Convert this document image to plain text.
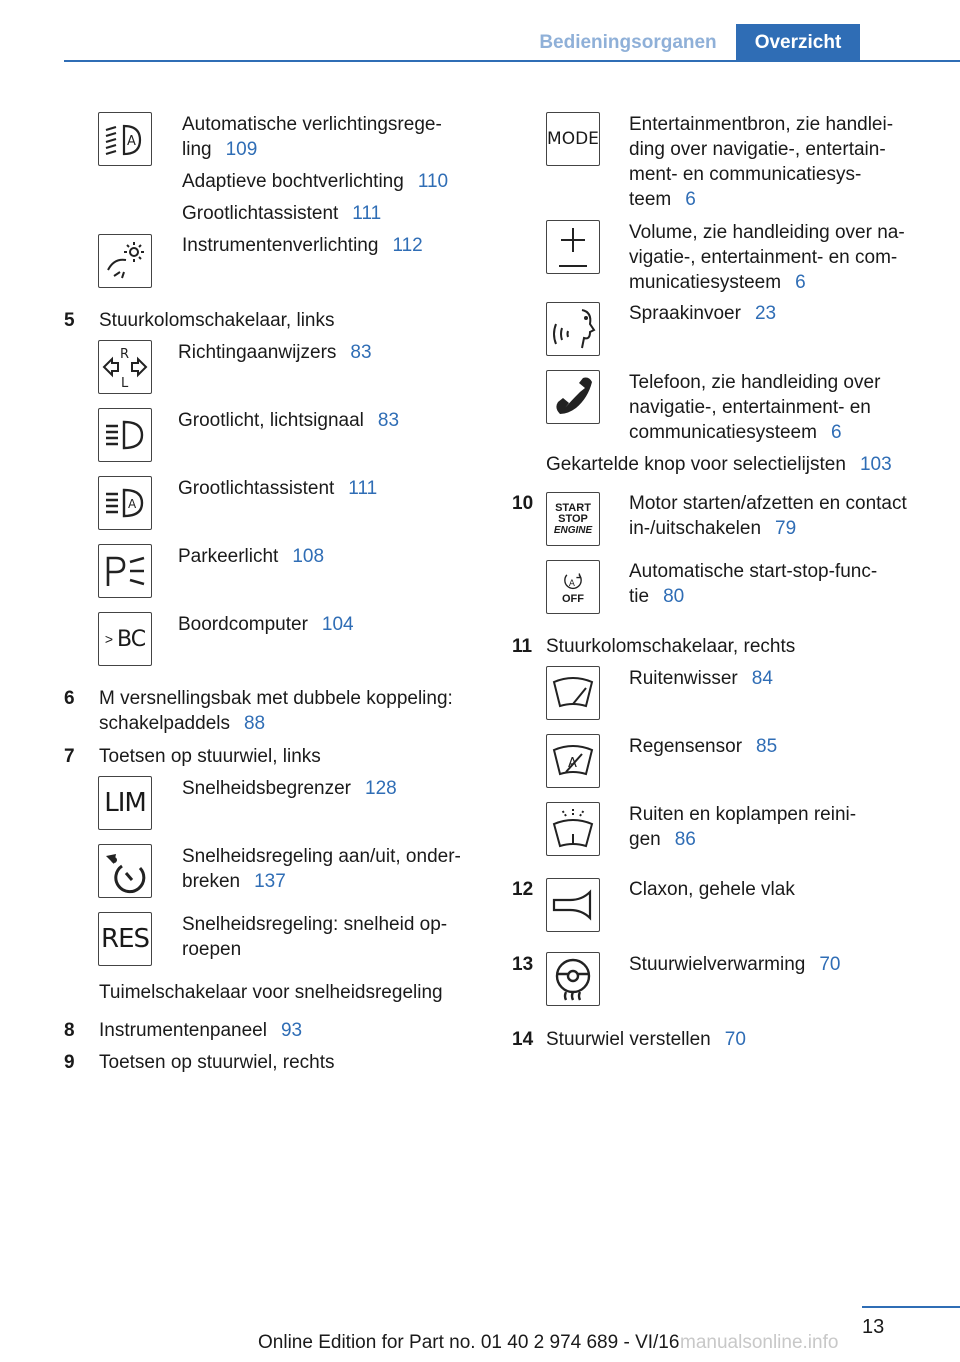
Bedieningsorganen	Overzicht
A
Automatische verlichtingsrege-
ling 109
Adaptieve bochtverlichting 110
Grootlichtassistent 111
Instrumentenverlichting 112
5 Stuurkolomschakelaar, links
R
L
Richtingaanwijzers 83
Grootlicht, lichtsignaal 83
A
Grootlichtassistent 111
Parkeerlicht 108
> BC
Boordcomputer 104
6 M versnellingsbak met dubbele koppeling:
schakelpaddels 88
7 Toetsen op stuurwiel, links
LIM Snelheidsbegrenzer 128
Snelheidsregeling aan/uit, onder-
breken 137
RES Snelheidsregeling: snelheid op-
roepen
Tuimelschakelaar voor snelheidsregeling
8 Instrumentenpaneel 93
9 Toetsen op stuurwiel, rechts
MODE
Entertainmentbron, zie handlei-
ding over navigatie-, entertain-
ment- en communicatiesys-
teem 6
Volume, zie handleiding over na-
vigatie-, entertainment- en com-
municatiesysteem 6
Spraakinvoer 23
Telefoon, zie handleiding over
navigatie-, entertainment- en
communicatiesysteem 6
Gekartelde knop voor selectielijsten 103
10 START
STOP
ENGINE
Motor starten/afzetten en contact
in-/uitschakelen 79
A
OFF
Automatische start-stop-func-
tie 80
11 Stuurkolomschakelaar, rechts
Ruitenwisser 84
A
Regensensor 85
Ruiten en koplampen reini-
gen 86
12	Claxon, gehele vlak
13	Stuurwielverwarming 70
14 Stuurwiel verstellen 70
13
Online Edition for Part no. 01 40 2 974 689 - VI/16 manualsonline.info
